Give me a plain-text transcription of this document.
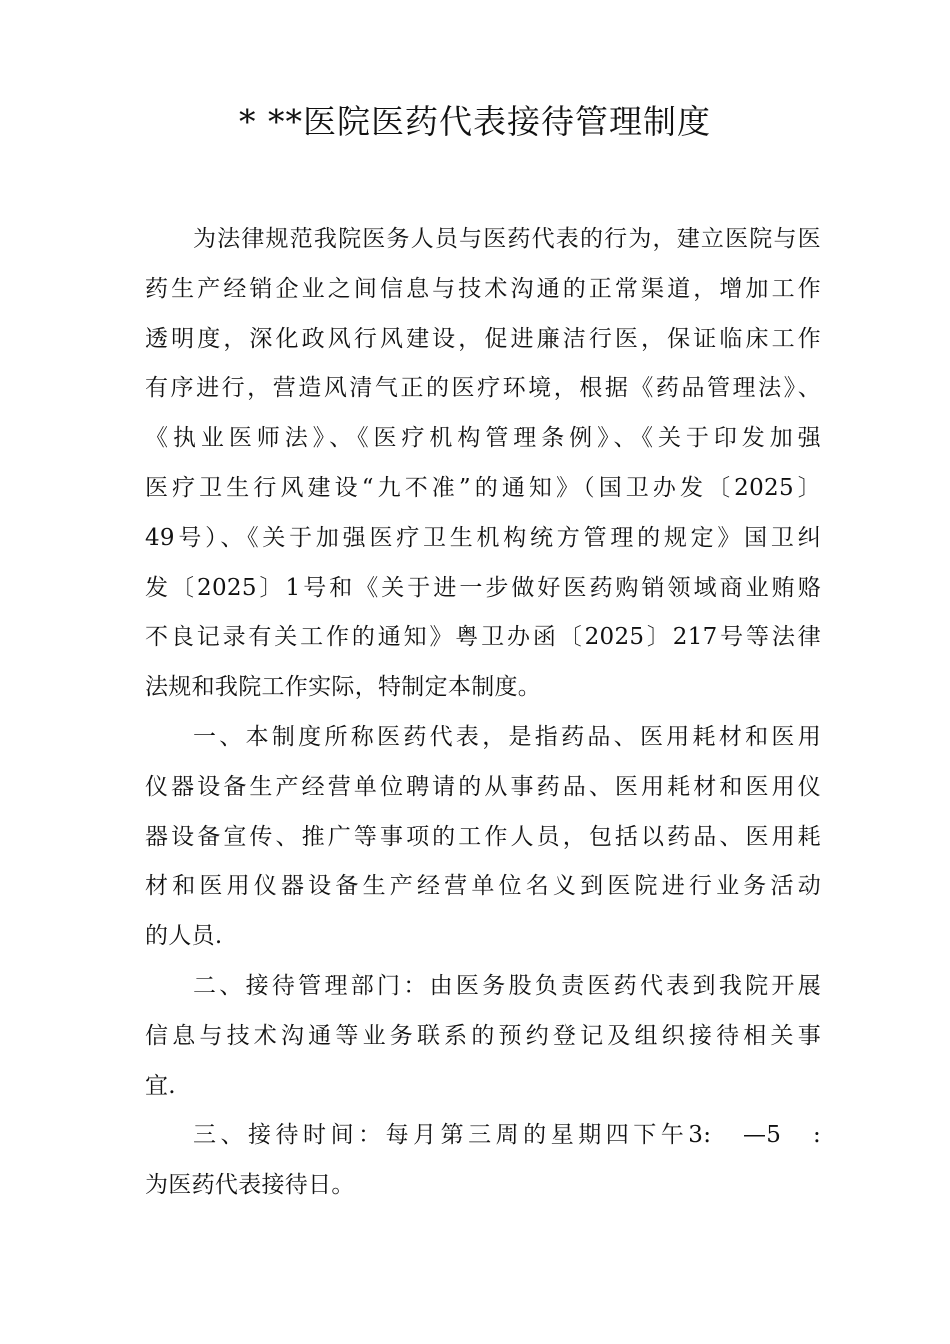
* **医院医药代表接待管理制度

为法律规范我院医务人员与医药代表的行为，建立医院与医
药生产经销企业之间信息与技术沟通的正常渠道，增加工作
透明度，深化政风行风建设，促进廉洁行医，保证临床工作
有序进行，营造风清气正的医疗环境，根据《药品管理法》、
《执业医师法》、《医疗机构管理条例》、《关于印发加强
医疗卫生行风建设“九不准”的通知》（国卫办发〔2025〕
49号）、《关于加强医疗卫生机构统方管理的规定》国卫纠
发〔2025〕1号和《关于进一步做好医药购销领域商业贿赂
不良记录有关工作的通知》粤卫办函〔2025〕217号等法律
法规和我院工作实际，特制定本制度。

一、本制度所称医药代表，是指药品、医用耗材和医用
仪器设备生产经营单位聘请的从事药品、医用耗材和医用仪
器设备宣传、推广等事项的工作人员，包括以药品、医用耗
材和医用仪器设备生产经营单位名义到医院进行业务活动
的人员.

二、接待管理部门：由医务股负责医药代表到我院开展
信息与技术沟通等业务联系的预约登记及组织接待相关事
宜.

三、接待时间：每月第三周的星期四下午3:　—5　:
为医药代表接待日。
